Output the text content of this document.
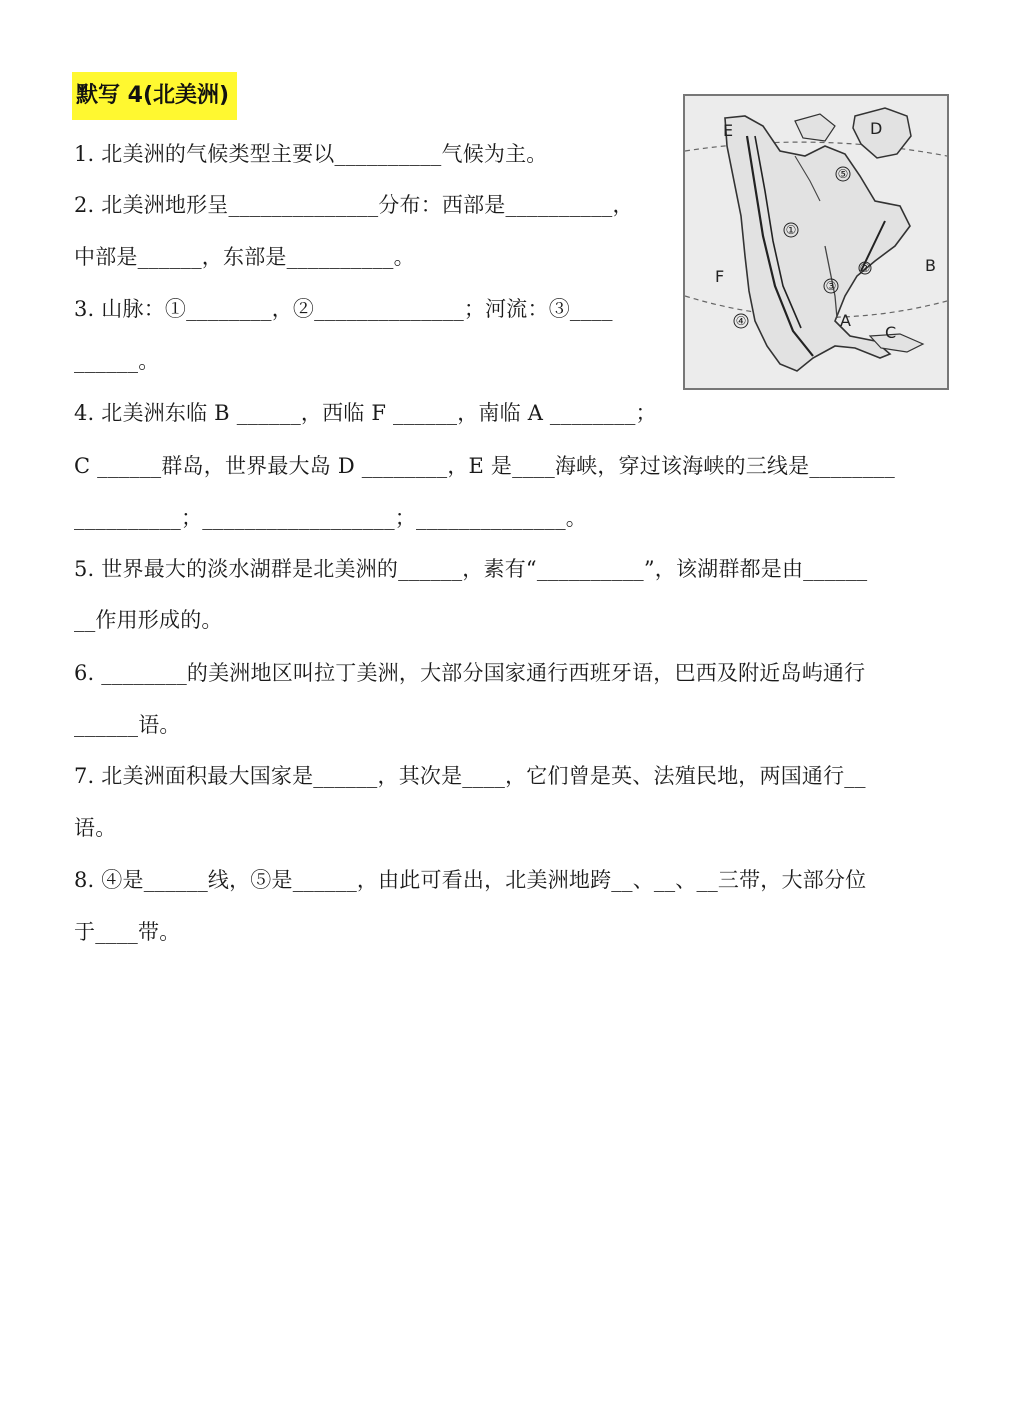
默写 4(北美洲)
1. 北美洲的气候类型主要以__________气候为主。
2. 北美洲地形呈______________分布：西部是__________，
中部是______，东部是__________。
3. 山脉：①________，②______________；河流：③____
______。
4. 北美洲东临 B ______，西临 F ______，南临 A ________；
C ______群岛，世界最大岛 D ________，E 是____海峡，穿过该海峡的三线是________
__________；__________________；______________。
5. 世界最大的淡水湖群是北美洲的______，素有“__________”，该湖群都是由______
__作用形成的。
6. ________的美洲地区叫拉丁美洲，大部分国家通行西班牙语，巴西及附近岛屿通行
______语。
7. 北美洲面积最大国家是______，其次是____，它们曾是英、法殖民地，两国通行__
语。
8. ④是______线，⑤是______，由此可看出，北美洲地跨__、__、__三带，大部分位
于____带。
①
⑤
③
④
②
E	D
B
F
A
C
